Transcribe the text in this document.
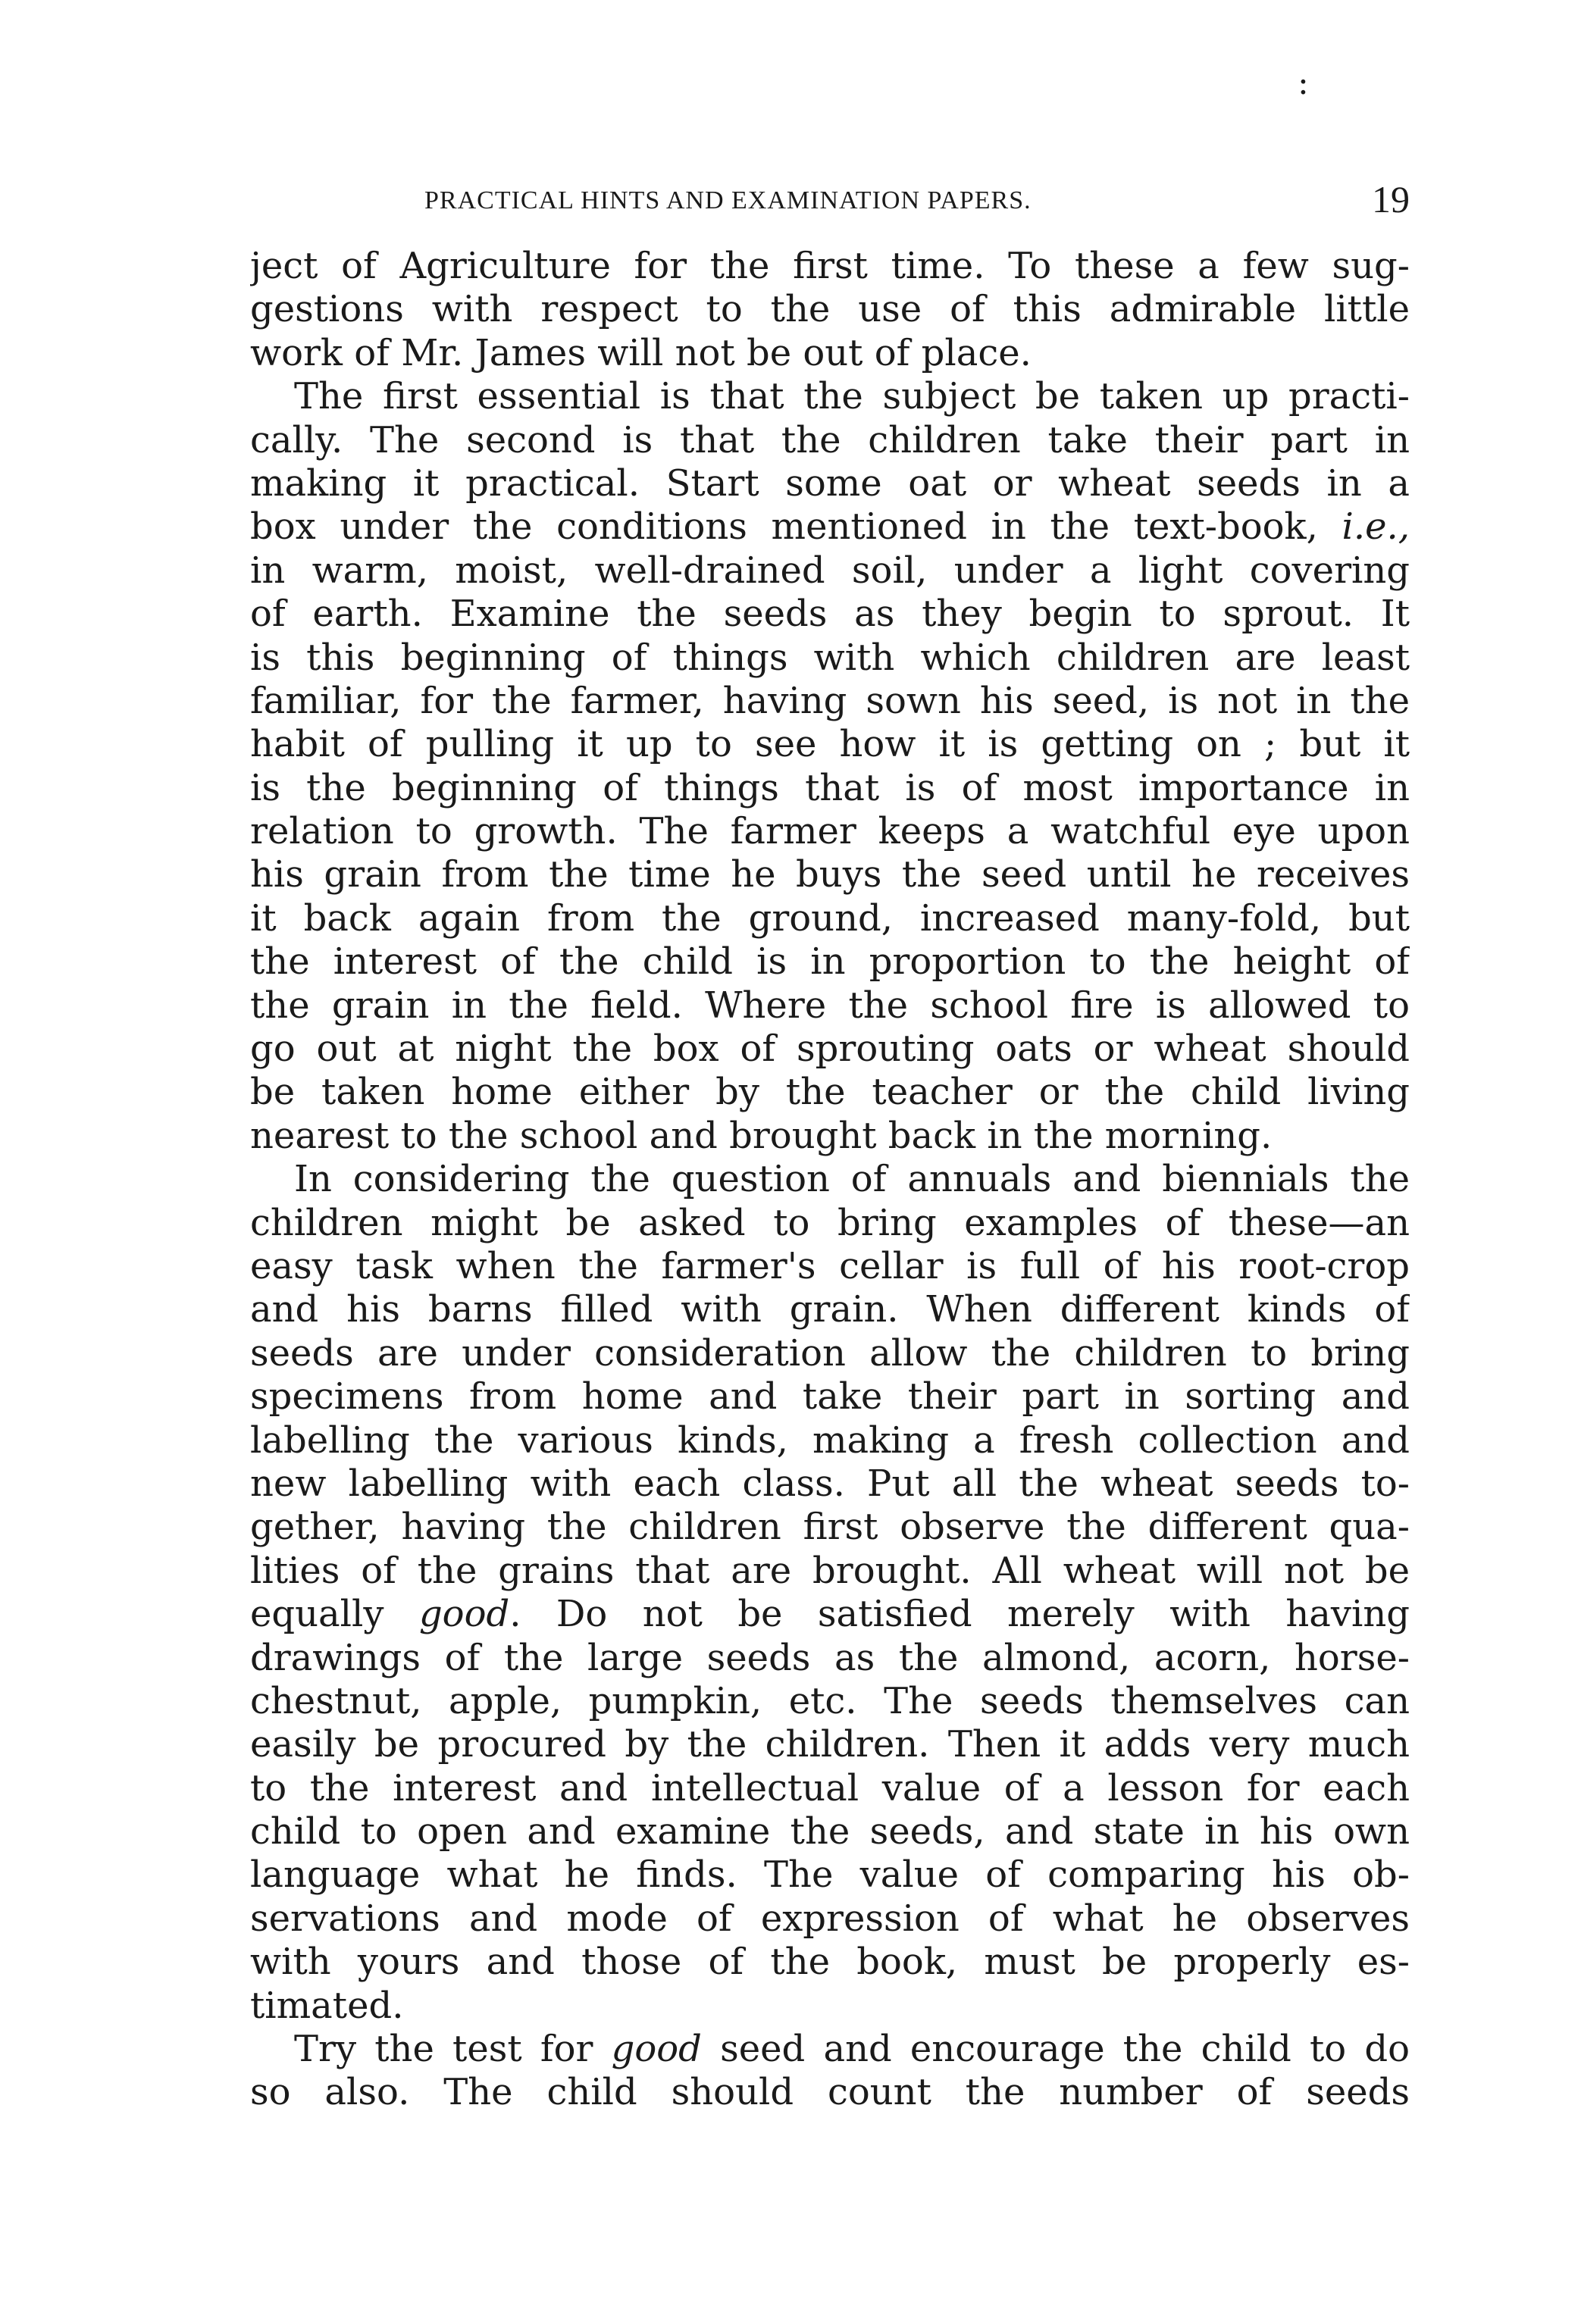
:
PRACTICAL HINTS AND EXAMINATION PAPERS.	19
ject of Agriculture for the first time. To these a few sug-
gestions with respect to the use of this admirable little
work of Mr. James will not be out of place.
The first essential is that the subject be taken up practi-
cally. The second is that the children take their part in
making it practical. Start some oat or wheat seeds in a
box under the conditions mentioned in the text-book, i.e.,
in warm, moist, well-drained soil, under a light covering
of earth. Examine the seeds as they begin to sprout. It
is this beginning of things with which children are least
familiar, for the farmer, having sown his seed, is not in the
habit of pulling it up to see how it is getting on ; but it
is the beginning of things that is of most importance in
relation to growth. The farmer keeps a watchful eye upon
his grain from the time he buys the seed until he receives
it back again from the ground, increased many-fold, but
the interest of the child is in proportion to the height of
the grain in the field. Where the school fire is allowed to
go out at night the box of sprouting oats or wheat should
be taken home either by the teacher or the child living
nearest to the school and brought back in the morning.
In considering the question of annuals and biennials the
children might be asked to bring examples of these—an
easy task when the farmer's cellar is full of his root-crop
and his barns filled with grain. When different kinds of
seeds are under consideration allow the children to bring
specimens from home and take their part in sorting and
labelling the various kinds, making a fresh collection and
new labelling with each class. Put all the wheat seeds to-
gether, having the children first observe the different qua-
lities of the grains that are brought. All wheat will not be
equally good. Do not be satisfied merely with having
drawings of the large seeds as the almond, acorn, horse-
chestnut, apple, pumpkin, etc. The seeds themselves can
easily be procured by the children. Then it adds very much
to the interest and intellectual value of a lesson for each
child to open and examine the seeds, and state in his own
language what he finds. The value of comparing his ob-
servations and mode of expression of what he observes
with yours and those of the book, must be properly es-
timated.
Try the test for good seed and encourage the child to do
so also. The child should count the number of seeds
